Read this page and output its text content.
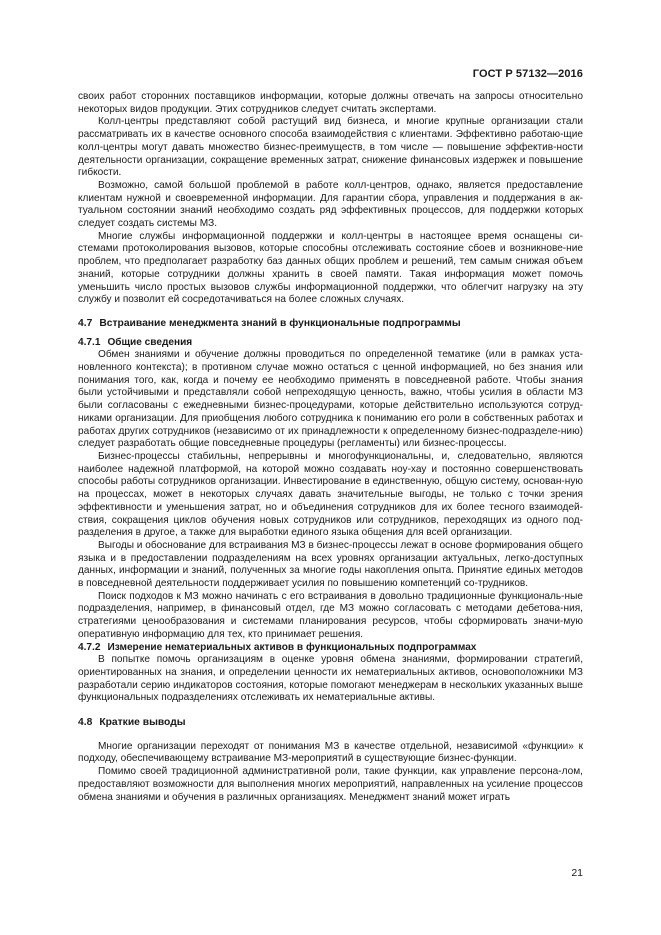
ГОСТ Р 57132—2016

своих работ сторонних поставщиков информации, которые должны отвечать на запросы относительно некоторых видов продукции. Этих сотрудников следует считать экспертами.

Колл-центры представляют собой растущий вид бизнеса, и многие крупные организации стали рассматривать их в качестве основного способа взаимодействия с клиентами. Эффективно работаю-щие колл-центры могут давать множество бизнес-преимуществ, в том числе — повышение эффектив-ности деятельности организации, сокращение временных затрат, снижение финансовых издержек и повышение гибкости.

Возможно, самой большой проблемой в работе колл-центров, однако, является предоставление клиентам нужной и своевременной информации. Для гарантии сбора, управления и поддержания в ак-туальном состоянии знаний необходимо создать ряд эффективных процессов, для поддержки которых следует создать системы МЗ.

Многие службы информационной поддержки и колл-центры в настоящее время оснащены си-стемами протоколирования вызовов, которые способны отслеживать состояние сбоев и возникнове-ние проблем, что предполагает разработку баз данных общих проблем и решений, тем самым снижая объем знаний, которые сотрудники должны хранить в своей памяти. Такая информация может помочь уменьшить число простых вызовов службы информационной поддержки, что облегчит нагрузку на эту службу и позволит ей сосредотачиваться на более сложных случаях.

4.7 Встраивание менеджмента знаний в функциональные подпрограммы

4.7.1 Общие сведения

Обмен знаниями и обучение должны проводиться по определенной тематике (или в рамках уста-новленного контекста); в противном случае можно остаться с ценной информацией, но без знания или понимания того, как, когда и почему ее необходимо применять в повседневной работе. Чтобы знания были устойчивыми и представляли собой непреходящую ценность, важно, чтобы усилия в области МЗ были согласованы с ежедневными бизнес-процедурами, которые действительно используются сотруд-никами организации. Для приобщения любого сотрудника к пониманию его роли в собственных работах и работах других сотрудников (независимо от их принадлежности к определенному бизнес-подразделе-нию) следует разработать общие повседневные процедуры (регламенты) или бизнес-процессы.

Бизнес-процессы стабильны, непрерывны и многофункциональны, и, следовательно, являются наиболее надежной платформой, на которой можно создавать ноу-хау и постоянно совершенствовать способы работы сотрудников организации. Инвестирование в единственную, общую систему, основан-ную на процессах, может в некоторых случаях давать значительные выгоды, не только с точки зрения эффективности и уменьшения затрат, но и объединения сотрудников для их более тесного взаимодей-ствия, сокращения циклов обучения новых сотрудников или сотрудников, переходящих из одного под-разделения в другое, а также для выработки единого языка общения для всей организации.

Выгоды и обоснование для встраивания МЗ в бизнес-процессы лежат в основе формирования общего языка и в предоставлении подразделениям на всех уровнях организации актуальных, легко-доступных данных, информации и знаний, полученных за многие годы накопления опыта. Принятие единых методов в повседневной деятельности поддерживает усилия по повышению компетенций со-трудников.

Поиск подходов к МЗ можно начинать с его встраивания в довольно традиционные функциональ-ные подразделения, например, в финансовый отдел, где МЗ можно согласовать с методами дебетова-ния, стратегиями ценообразования и системами планирования ресурсов, чтобы сформировать значи-мую оперативную информацию для тех, кто принимает решения.

4.7.2 Измерение нематериальных активов в функциональных подпрограммах

В попытке помочь организациям в оценке уровня обмена знаниями, формировании стратегий, ориентированных на знания, и определении ценности их нематериальных активов, основоположники МЗ разработали серию индикаторов состояния, которые помогают менеджерам в нескольких указанных выше функциональных подразделениях отслеживать их нематериальные активы.

4.8 Краткие выводы

Многие организации переходят от понимания МЗ в качестве отдельной, независимой «функции» к подходу, обеспечивающему встраивание МЗ-мероприятий в существующие бизнес-функции.

Помимо своей традиционной административной роли, такие функции, как управление персона-лом, предоставляют возможности для выполнения многих мероприятий, направленных на усиление процессов обмена знаниями и обучения в различных организациях. Менеджмент знаний может играть

21
